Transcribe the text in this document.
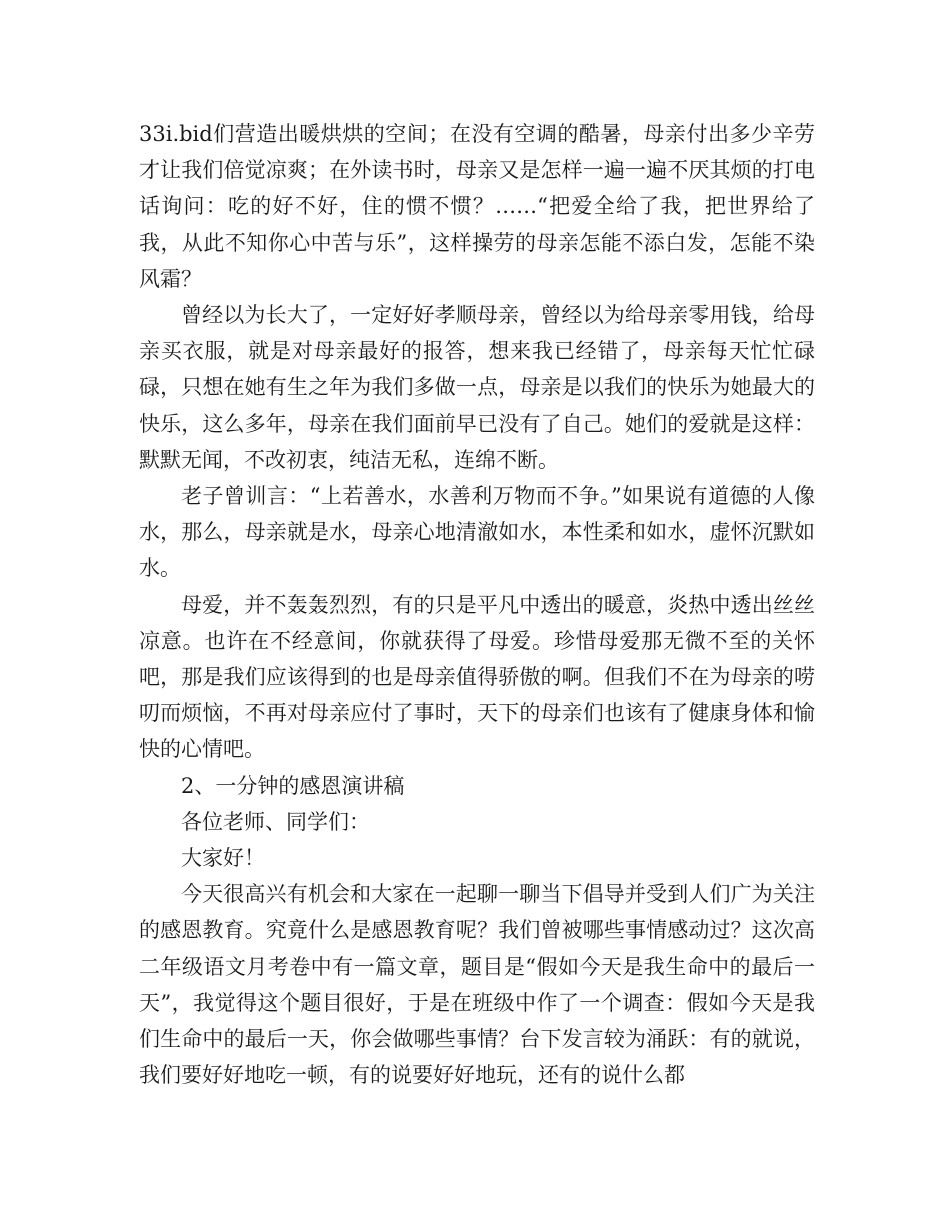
33i.bid们营造出暖烘烘的空间；在没有空调的酷暑，母亲付出多少辛劳才让我们倍觉凉爽；在外读书时，母亲又是怎样一遍一遍不厌其烦的打电话询问：吃的好不好，住的惯不惯？……“把爱全给了我，把世界给了我，从此不知你心中苦与乐”，这样操劳的母亲怎能不添白发，怎能不染风霜？

曾经以为长大了，一定好好孝顺母亲，曾经以为给母亲零用钱，给母亲买衣服，就是对母亲最好的报答，想来我已经错了，母亲每天忙忙碌碌，只想在她有生之年为我们多做一点，母亲是以我们的快乐为她最大的快乐，这么多年，母亲在我们面前早已没有了自己。她们的爱就是这样：默默无闻，不改初衷，纯洁无私，连绵不断。

老子曾训言：“上若善水，水善利万物而不争。”如果说有道德的人像水，那么，母亲就是水，母亲心地清澈如水，本性柔和如水，虚怀沉默如水。

母爱，并不轰轰烈烈，有的只是平凡中透出的暖意，炎热中透出丝丝凉意。也许在不经意间，你就获得了母爱。珍惜母爱那无微不至的关怀吧，那是我们应该得到的也是母亲值得骄傲的啊。但我们不在为母亲的唠叨而烦恼，不再对母亲应付了事时，天下的母亲们也该有了健康身体和愉快的心情吧。

2、一分钟的感恩演讲稿

各位老师、同学们：

大家好！

今天很高兴有机会和大家在一起聊一聊当下倡导并受到人们广为关注的感恩教育。究竟什么是感恩教育呢？我们曾被哪些事情感动过？这次高二年级语文月考卷中有一篇文章，题目是“假如今天是我生命中的最后一天”，我觉得这个题目很好，于是在班级中作了一个调查：假如今天是我们生命中的最后一天，你会做哪些事情？台下发言较为涌跃：有的就说，我们要好好地吃一顿，有的说要好好地玩，还有的说什么都
